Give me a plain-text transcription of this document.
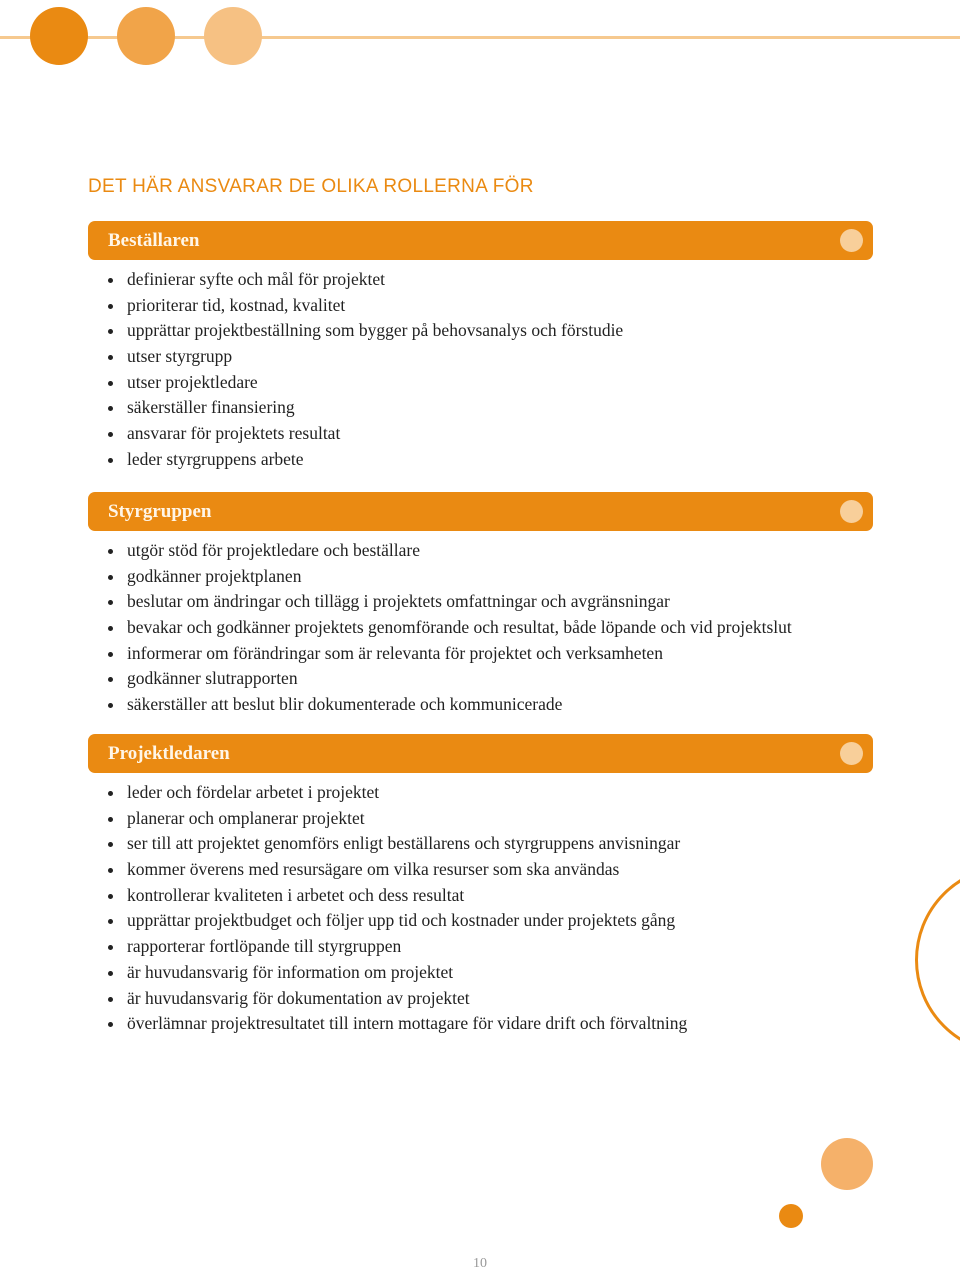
DET HÄR ANSVARAR DE OLIKA ROLLERNA FÖR
Beställaren
definierar syfte och mål för projektet
prioriterar tid, kostnad, kvalitet
upprättar projektbeställning som bygger på behovsanalys och förstudie
utser styrgrupp
utser projektledare
säkerställer finansiering
ansvarar för projektets resultat
leder styrgruppens arbete
Styrgruppen
utgör stöd för projektledare och beställare
godkänner projektplanen
beslutar om ändringar och tillägg i projektets omfattningar och avgränsningar
bevakar och godkänner projektets genomförande och resultat, både löpande och vid projektslut
informerar om förändringar som är relevanta för projektet och verksamheten
godkänner slutrapporten
säkerställer att beslut blir dokumenterade och kommunicerade
Projektledaren
leder och fördelar arbetet i projektet
planerar och omplanerar projektet
ser till att projektet genomförs enligt beställarens och styrgruppens anvisningar
kommer överens med resursägare om vilka resurser som ska användas
kontrollerar kvaliteten i arbetet och dess resultat
upprättar projektbudget och följer upp tid och kostnader under projektets gång
rapporterar fortlöpande till styrgruppen
är huvudansvarig för information om projektet
är huvudansvarig för dokumentation av projektet
överlämnar projektresultatet till intern mottagare för vidare drift och förvaltning
10
